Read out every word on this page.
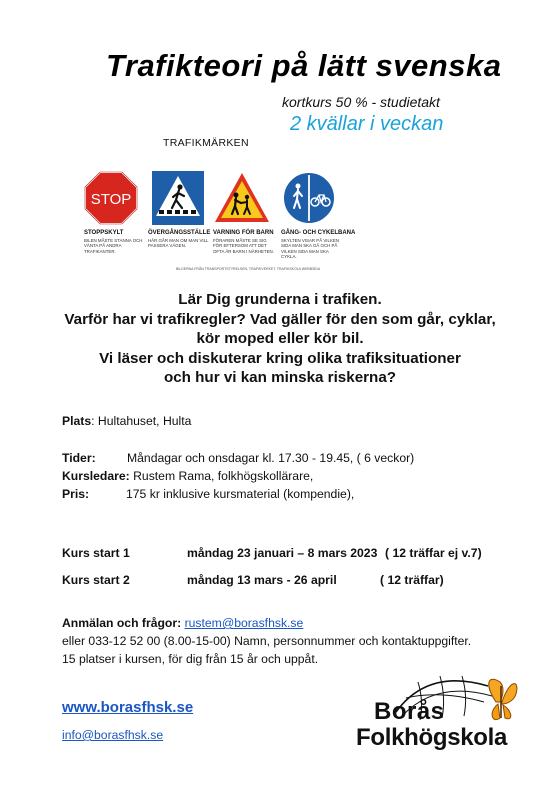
Trafikteori på lätt svenska
kortkurs 50 % - studietakt
2 kvällar i veckan
TRAFIKMÄRKEN
STOP
STOPPSKYLT
BILEN MÅSTE STANNA OCH VÄNTA PÅ ANDRA TRAFIKANTER.
ÖVERGÅNGSSTÄLLE
HÄR GÅR MAN OM MAN VILL PASSERA VÄGEN.
VARNING FÖR BARN
FÖRAREN MÅSTE SE SIG FÖR EFTERSOM ATT DET OFTA ÄR BARN I NÄRHETEN.
GÅNG- OCH CYKELBANA
SKYLTEN VISAR PÅ VILKEN SIDA MAN SKA GÅ OCH PÅ VILKEN SIDA MAN SKA CYKLA.
BILDERNA FRÅN TRANSPORTSTYRELSEN, TRAFIKVERKET, TRAFIKSKOLA WEBBSIDA
Lär Dig grunderna i trafiken.
Varför har vi trafikregler? Vad gäller för den som går, cyklar,
kör moped eller kör bil.
Vi läser och diskuterar kring olika trafiksituationer
och hur vi kan minska riskerna?
Plats: Hultahuset, Hulta
Tider:	Måndagar och onsdagar kl. 17.30 - 19.45, ( 6 veckor)
Kursledare: Rustem Rama, folkhögskollärare,
Pris:	175 kr inklusive kursmaterial (kompendie),
Kurs start 1	måndag 23 januari – 8 mars 2023 ( 12 träffar ej v.7)
Kurs start 2	måndag 13 mars - 26 april	( 12 träffar)
Anmälan och frågor: rustem@borasfhsk.se
eller 033-12 52 00 (8.00-15-00) Namn, personnummer och kontaktuppgifter.
15 platser i kursen, för dig från 15 år och uppåt.
www.borasfhsk.se
info@borasfhsk.se
Borås
Folkhögskola
